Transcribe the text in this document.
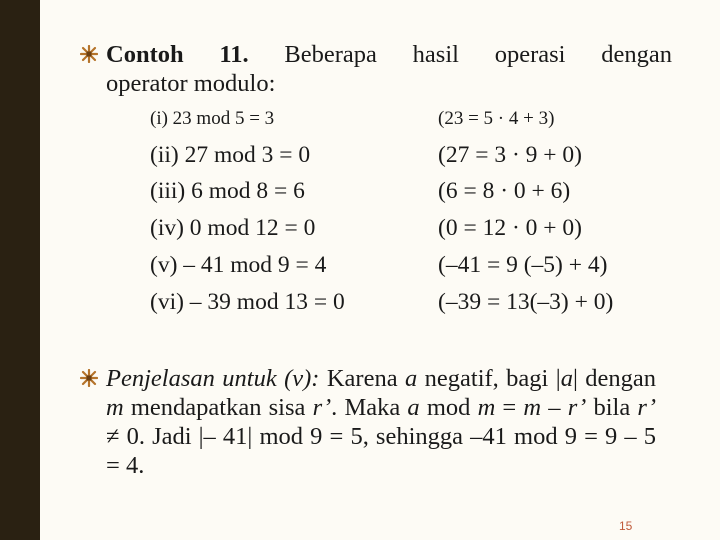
Contoh 11. Beberapa hasil operasi dengan
operator modulo:
(i) 23 mod 5 = 3	(23 = 5 · 4 + 3)
(ii) 27 mod 3 = 0	(27 = 3 · 9 + 0)
(iii) 6 mod 8 = 6	(6 = 8 · 0 + 6)
(iv) 0 mod 12 = 0	(0 = 12 · 0 + 0)
(v) – 41 mod 9 = 4	(–41 = 9 (–5) + 4)
(vi) – 39 mod 13 = 0	(–39 = 13(–3) + 0)
Penjelasan untuk (v): Karena a negatif, bagi |a| dengan m mendapatkan sisa r’. Maka a mod m = m – r’ bila r’ ≠ 0. Jadi |– 41| mod 9 = 5, sehingga –41 mod 9 = 9 – 5 = 4.
15
